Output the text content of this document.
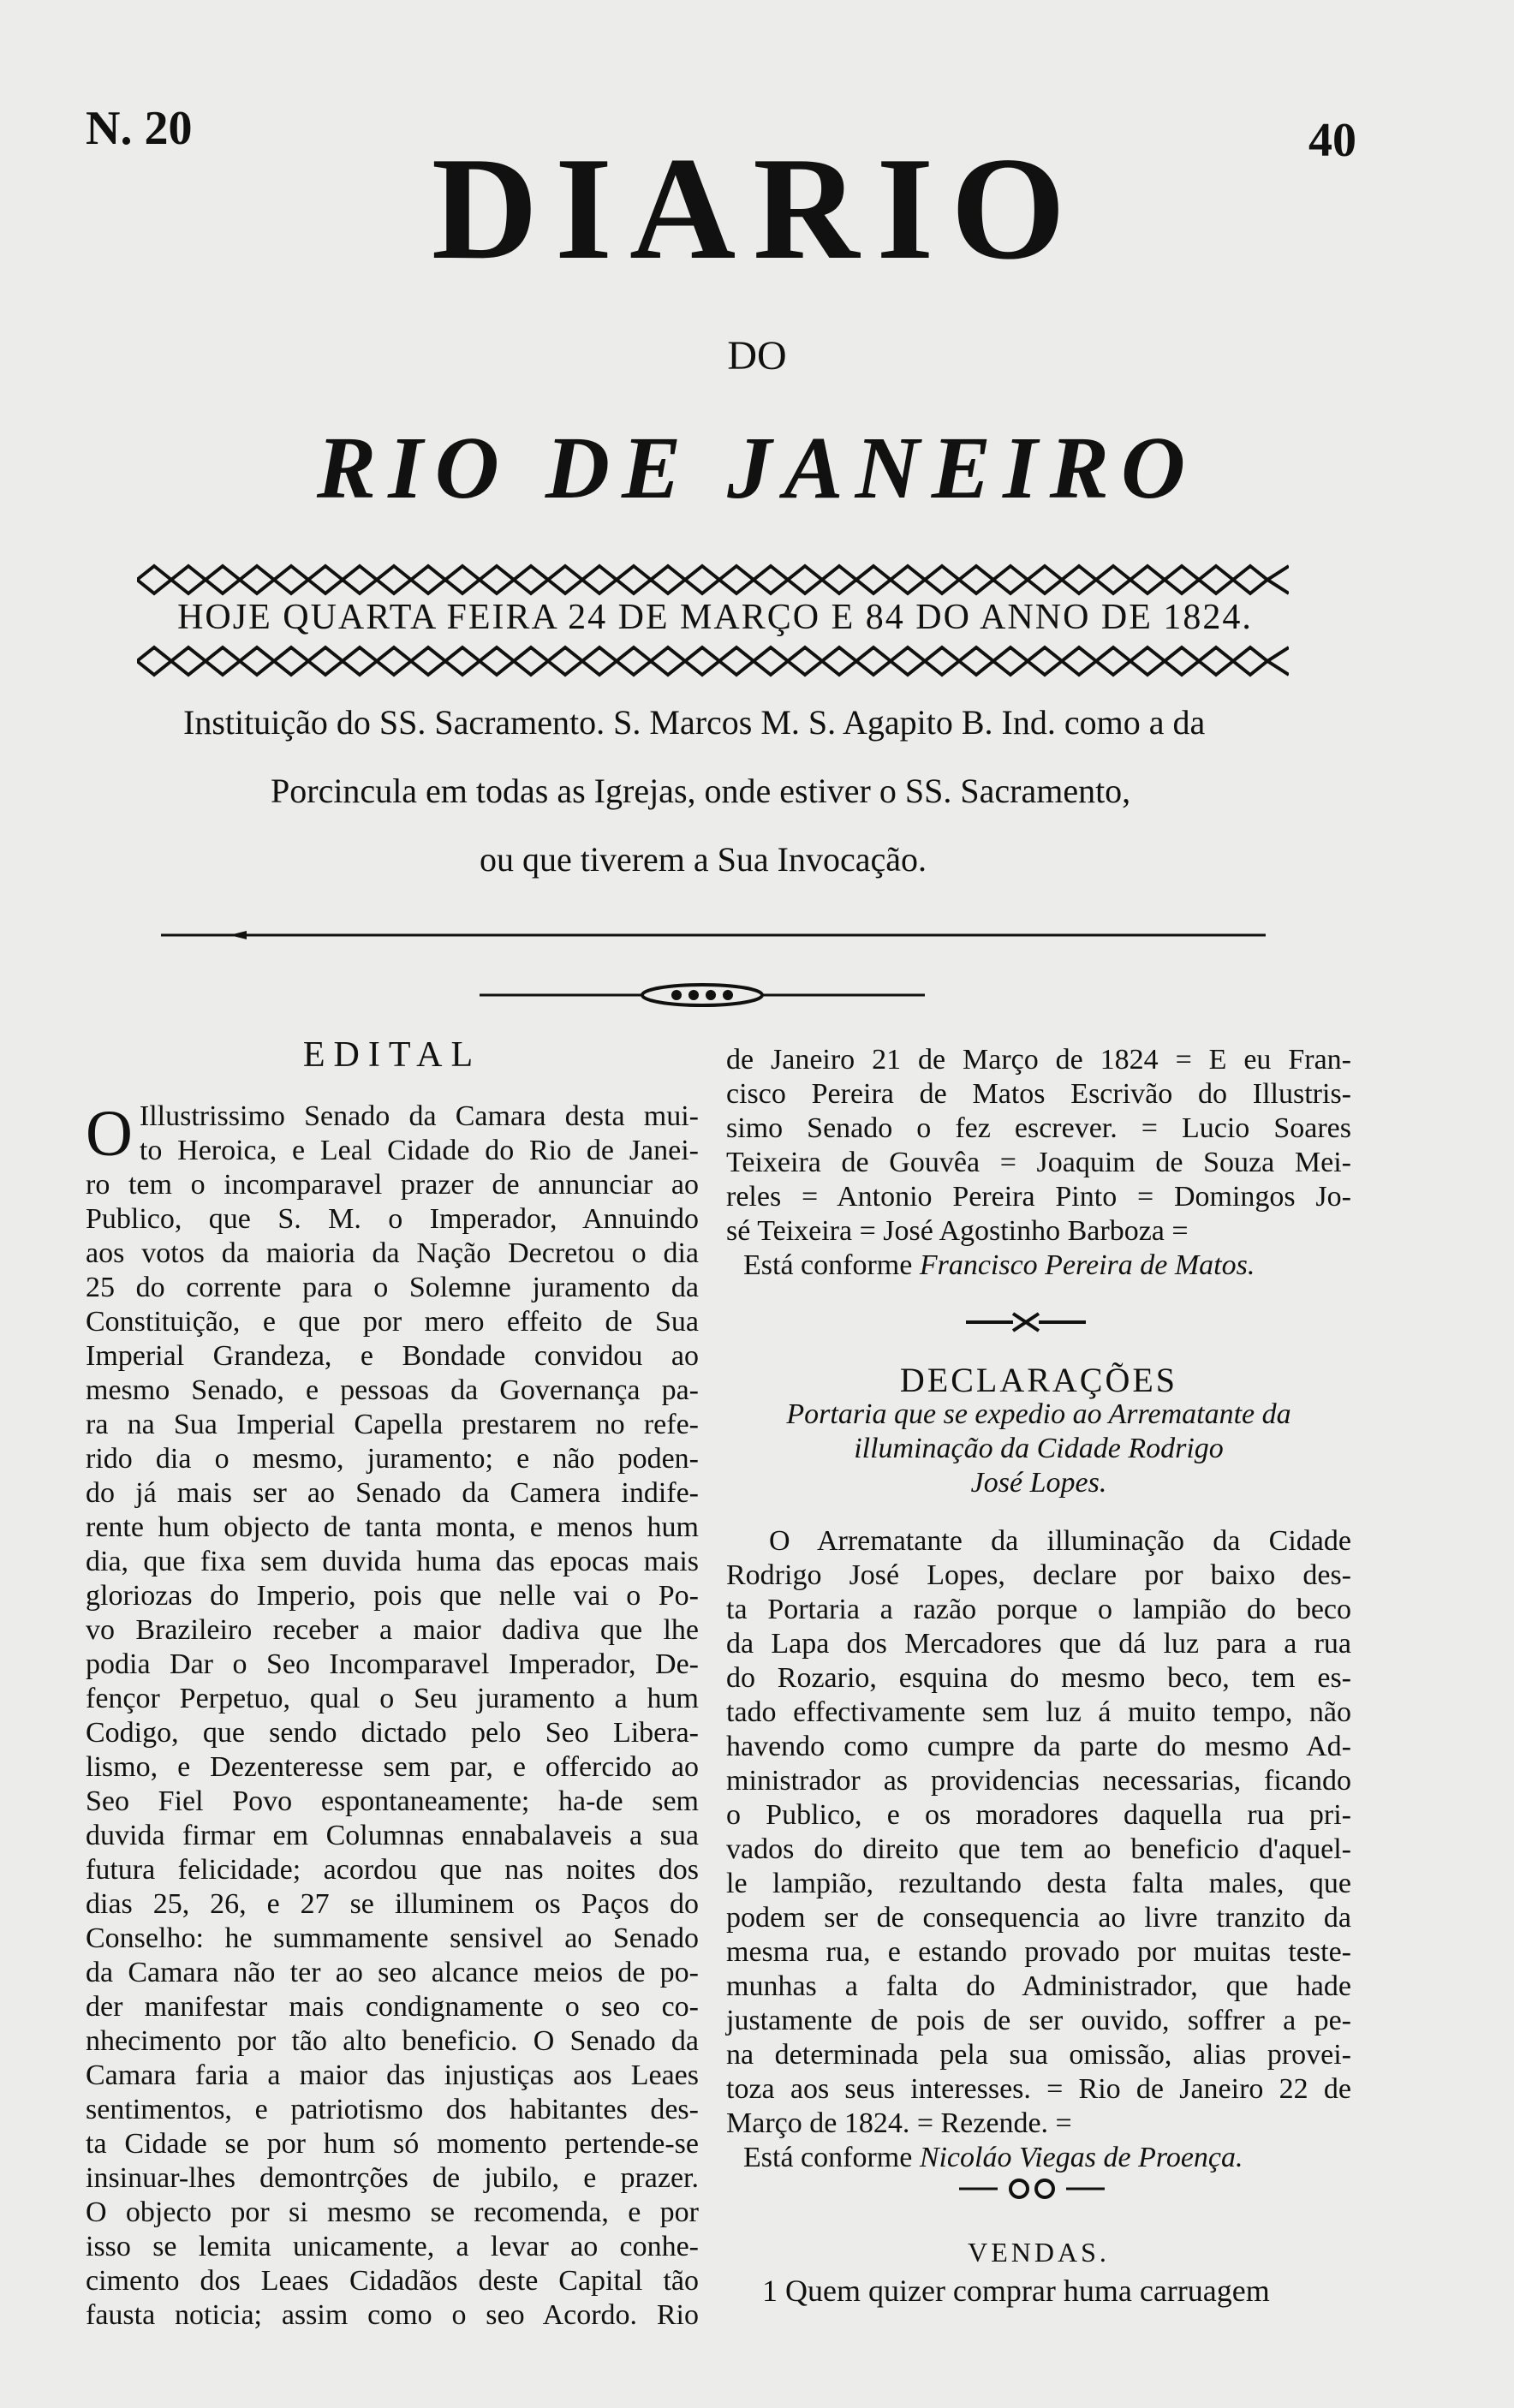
N. 20	40
DIARIO
DO
RIO DE JANEIRO
HOJE QUARTA FEIRA 24 DE MARÇO E 84 DO ANNO DE 1824.
Instituição do SS. Sacramento. S. Marcos M. S. Agapito B. Ind. como a da
Porcincula em todas as Igrejas, onde estiver o SS. Sacramento,
ou que tiverem a Sua Invocação.
EDITAL
O Illustrissimo Senado da Camara desta mui-

to Heroica, e Leal Cidade do Rio de Janei-

ro tem o incomparavel prazer de annunciar ao

Publico, que S. M. o Imperador, Annuindo

aos votos da maioria da Nação Decretou o dia

25 do corrente para o Solemne juramento da

Constituição, e que por mero effeito de Sua

Imperial Grandeza, e Bondade convidou ao

mesmo Senado, e pessoas da Governança pa-

ra na Sua Imperial Capella prestarem no refe-

rido dia o mesmo, juramento; e não poden-

do já mais ser ao Senado da Camera indife-

rente hum objecto de tanta monta, e menos hum

dia, que fixa sem duvida huma das epocas mais

gloriozas do Imperio, pois que nelle vai o Po-

vo Brazileiro receber a maior dadiva que lhe

podia Dar o Seo Incomparavel Imperador, De-

fençor Perpetuo, qual o Seu juramento a hum

Codigo, que sendo dictado pelo Seo Libera-

lismo, e Dezenteresse sem par, e offercido ao

Seo Fiel Povo espontaneamente; ha-de sem

duvida firmar em Columnas ennabalaveis a sua

futura felicidade; acordou que nas noites dos

dias 25, 26, e 27 se illuminem os Paços do

Conselho: he summamente sensivel ao Senado

da Camara não ter ao seo alcance meios de po-

der manifestar mais condignamente o seo co-

nhecimento por tão alto beneficio. O Senado da

Camara faria a maior das injustiças aos Leaes

sentimentos, e patriotismo dos habitantes des-

ta Cidade se por hum só momento pertende-se

insinuar-lhes demontrções de jubilo, e prazer.

O objecto por si mesmo se recomenda, e por

isso se lemita unicamente, a levar ao conhe-

cimento dos Leaes Cidadãos deste Capital tão

fausta noticia; assim como o seo Acordo. Rio

de Janeiro 21 de Março de 1824 = E eu Fran-

cisco Pereira de Matos Escrivão do Illustris-

simo Senado o fez escrever. = Lucio Soares

Teixeira de Gouvêa = Joaquim de Souza Mei-

reles = Antonio Pereira Pinto = Domingos Jo-

sé Teixeira = José Agostinho Barboza =

Está conforme Francisco Pereira de Matos.

DECLARAÇÕES
Portaria que se expedio ao Arrematante da
illuminação da Cidade Rodrigo
José Lopes.

O Arrematante da illuminação da Cidade

Rodrigo José Lopes, declare por baixo des-

ta Portaria a razão porque o lampião do beco

da Lapa dos Mercadores que dá luz para a rua

do Rozario, esquina do mesmo beco, tem es-

tado effectivamente sem luz á muito tempo, não

havendo como cumpre da parte do mesmo Ad-

ministrador as providencias necessarias, ficando

o Publico, e os moradores daquella rua pri-

vados do direito que tem ao beneficio d'aquel-

le lampião, rezultando desta falta males, que

podem ser de consequencia ao livre tranzito da

mesma rua, e estando provado por muitas teste-

munhas a falta do Administrador, que hade

justamente de pois de ser ouvido, soffrer a pe-

na determinada pela sua omissão, alias provei-

toza aos seus interesses. = Rio de Janeiro 22 de

Março de 1824. = Rezende. =

Está conforme Nicoláo Viegas de Proença.

VENDAS.
1 Quem quizer comprar huma carruagem
